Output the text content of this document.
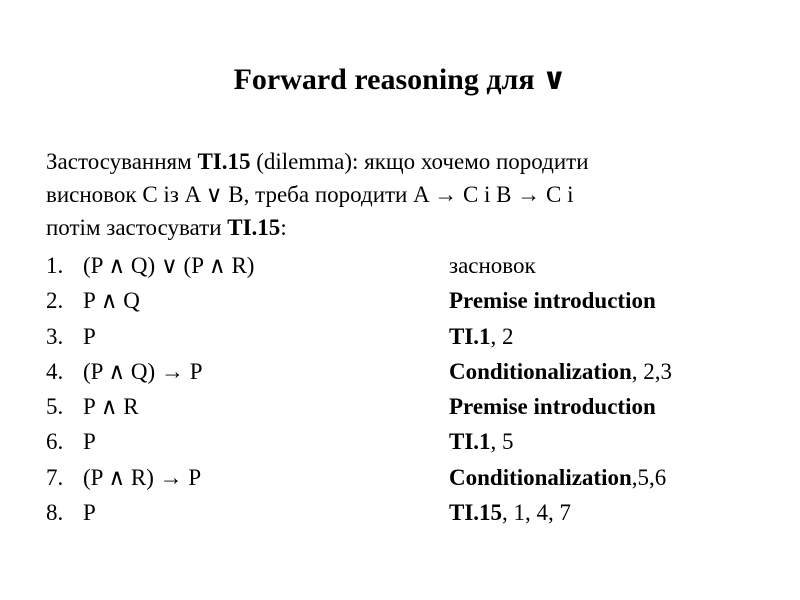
Forward reasoning для ∨
Застосуванням TI.15 (dilemma): якщо хочемо породити
висновок C із A ∨ B, треба породити A → C і B → C і
потім застосувати TI.15:
1. (P ∧ Q) ∨ (P ∧ R)	засновок
2. P ∧ Q	Premise introduction
3. P	TI.1, 2
4. (P ∧ Q) → P	Conditionalization, 2,3
5. P ∧ R	Premise introduction
6. P	TI.1, 5
7. (P ∧ R) → P	Conditionalization,5,6
8. P	TI.15, 1, 4, 7
